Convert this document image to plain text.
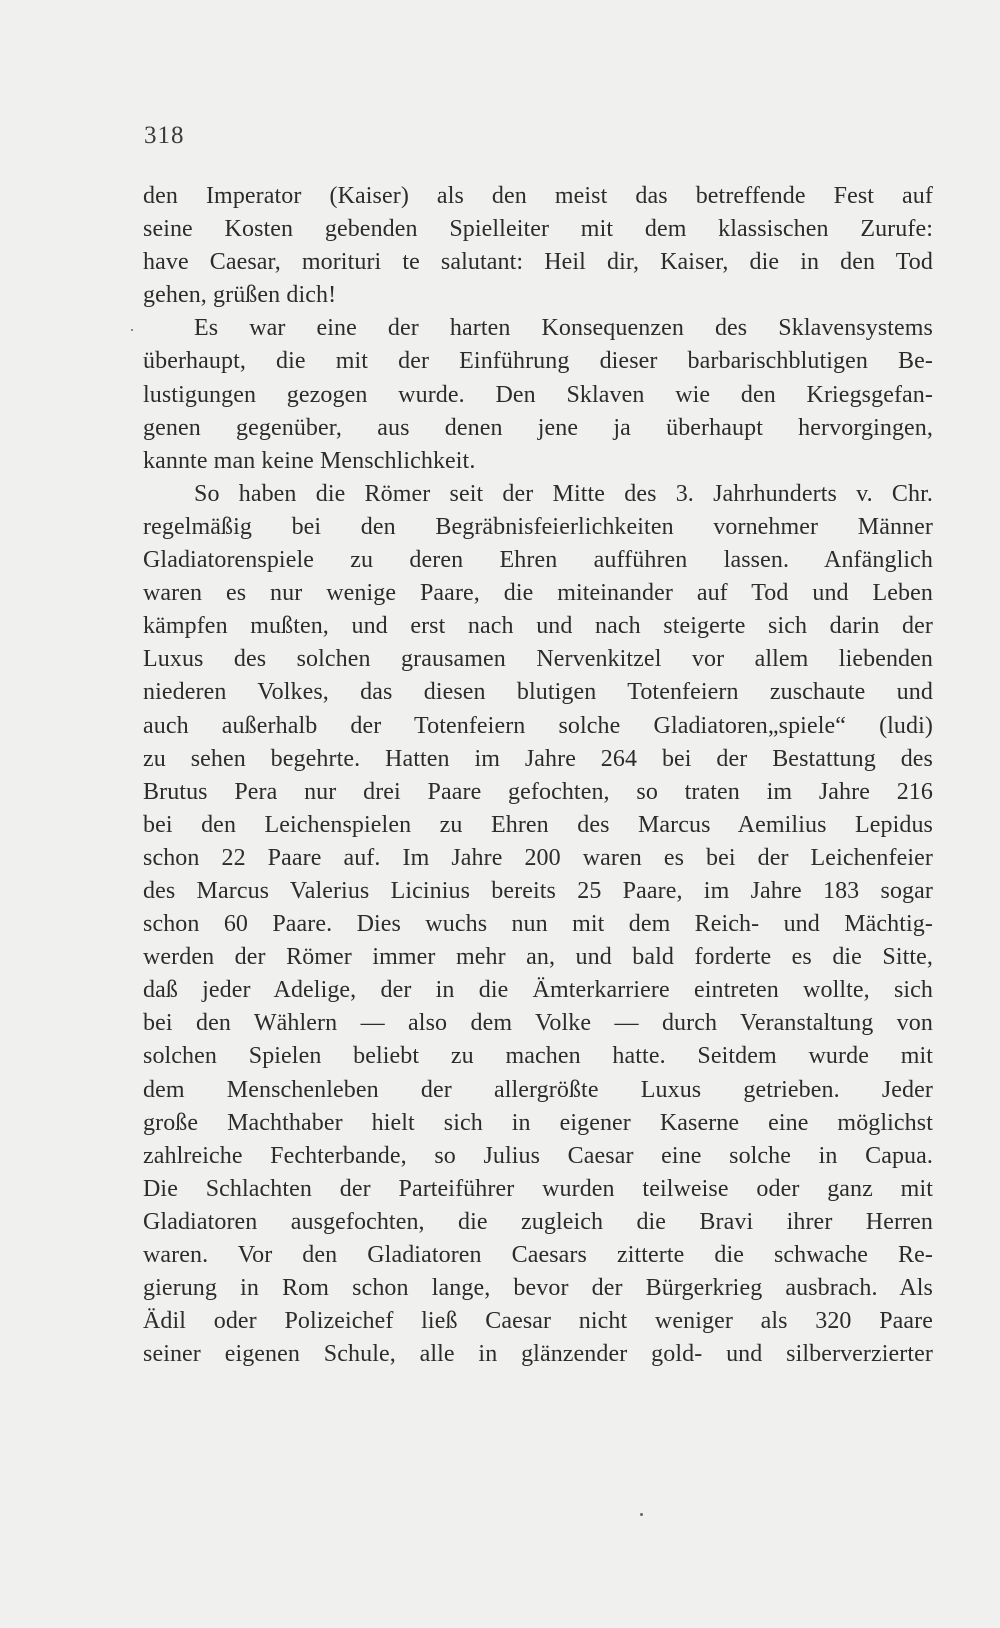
318
den Imperator (Kaiser) als den meist das betreffende Fest auf
seine Kosten gebenden Spielleiter mit dem klassischen Zurufe:
have Caesar, morituri te salutant: Heil dir, Kaiser, die in den Tod
gehen, grüßen dich!
Es war eine der harten Konsequenzen des Sklavensystems
überhaupt, die mit der Einführung dieser barbarischblutigen Be-
lustigungen gezogen wurde. Den Sklaven wie den Kriegsgefan-
genen gegenüber, aus denen jene ja überhaupt hervorgingen,
kannte man keine Menschlichkeit.
So haben die Römer seit der Mitte des 3. Jahrhunderts v. Chr.
regelmäßig bei den Begräbnisfeierlichkeiten vornehmer Männer
Gladiatorenspiele zu deren Ehren aufführen lassen. Anfänglich
waren es nur wenige Paare, die miteinander auf Tod und Leben
kämpfen mußten, und erst nach und nach steigerte sich darin der
Luxus des solchen grausamen Nervenkitzel vor allem liebenden
niederen Volkes, das diesen blutigen Totenfeiern zuschaute und
auch außerhalb der Totenfeiern solche Gladiatoren„spiele“ (ludi)
zu sehen begehrte. Hatten im Jahre 264 bei der Bestattung des
Brutus Pera nur drei Paare gefochten, so traten im Jahre 216
bei den Leichenspielen zu Ehren des Marcus Aemilius Lepidus
schon 22 Paare auf. Im Jahre 200 waren es bei der Leichenfeier
des Marcus Valerius Licinius bereits 25 Paare, im Jahre 183 sogar
schon 60 Paare. Dies wuchs nun mit dem Reich- und Mächtig-
werden der Römer immer mehr an, und bald forderte es die Sitte,
daß jeder Adelige, der in die Ämterkarriere eintreten wollte, sich
bei den Wählern — also dem Volke — durch Veranstaltung von
solchen Spielen beliebt zu machen hatte. Seitdem wurde mit
dem Menschenleben der allergrößte Luxus getrieben. Jeder
große Machthaber hielt sich in eigener Kaserne eine möglichst
zahlreiche Fechterbande, so Julius Caesar eine solche in Capua.
Die Schlachten der Parteiführer wurden teilweise oder ganz mit
Gladiatoren ausgefochten, die zugleich die Bravi ihrer Herren
waren. Vor den Gladiatoren Caesars zitterte die schwache Re-
gierung in Rom schon lange, bevor der Bürgerkrieg ausbrach. Als
Ädil oder Polizeichef ließ Caesar nicht weniger als 320 Paare
seiner eigenen Schule, alle in glänzender gold- und silberverzierter
